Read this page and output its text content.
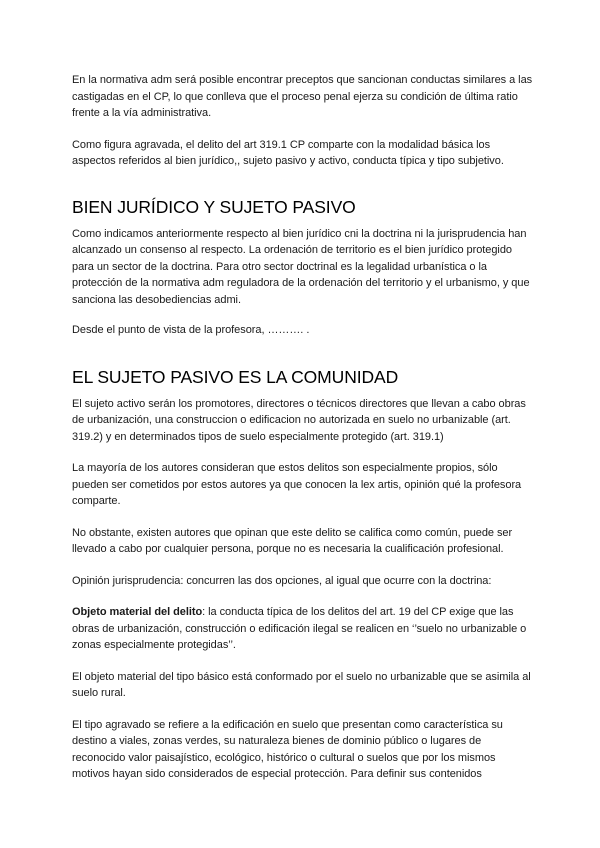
En la normativa adm será posible encontrar preceptos que sancionan conductas similares a las castigadas en el CP, lo que conlleva que el proceso penal ejerza su condición de última ratio frente a la vía administrativa.

Como figura agravada, el delito del art 319.1 CP comparte con la modalidad básica los aspectos referidos al bien jurídico,, sujeto pasivo y activo, conducta típica y tipo subjetivo.

BIEN JURÍDICO Y SUJETO PASIVO

Como indicamos anteriormente respecto al bien jurídico cni la doctrina ni la jurisprudencia han alcanzado un consenso al respecto. La ordenación de territorio es el bien jurídico protegido para un sector de la doctrina. Para otro sector doctrinal es la legalidad urbanística o la protección de la normativa adm reguladora de la ordenación del territorio y el urbanismo, y que sanciona las desobediencias admi.

Desde el punto de vista de la profesora, ………. .

EL SUJETO PASIVO ES LA COMUNIDAD

El sujeto activo serán los promotores, directores o técnicos directores que llevan a cabo obras de urbanización, una construccion o edificacion no autorizada en suelo no urbanizable (art. 319.2) y en determinados tipos de suelo especialmente protegido (art. 319.1)

La mayoría de los autores consideran que estos delitos son especialmente propios, sólo pueden ser cometidos por estos autores ya que conocen la lex artis, opinión qué la profesora comparte.

No obstante, existen autores que opinan que este delito se califica como común, puede ser llevado a cabo por cualquier persona, porque no es necesaria la cualificación profesional.

Opinión jurisprudencia: concurren las dos opciones, al igual que ocurre con la doctrina:

Objeto material del delito: la conducta típica de los delitos del art. 19 del CP exige que las obras de urbanización, construcción o edificación ilegal se realicen en ‘’suelo no urbanizable o zonas especialmente protegidas’’.

El objeto material del tipo básico está conformado por el suelo no urbanizable que se asimila al suelo rural.

El tipo agravado se refiere a la edificación en suelo que presentan como característica su destino a viales, zonas verdes, su naturaleza bienes de dominio público o lugares de reconocido valor paisajístico, ecológico, histórico o cultural o suelos que por los mismos motivos hayan sido considerados de especial protección. Para definir sus contenidos
